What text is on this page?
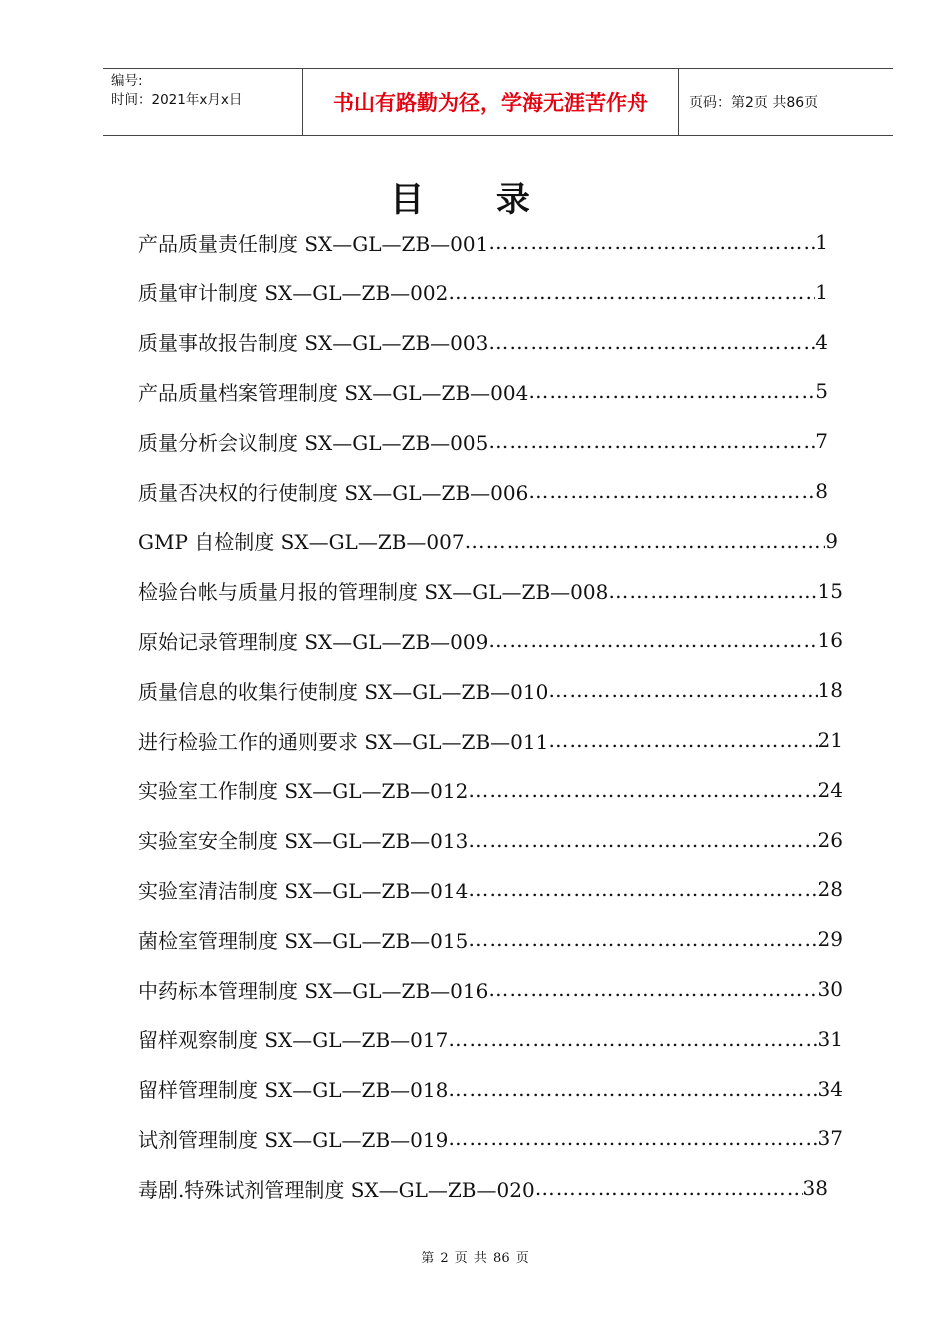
编号:
时间：2021年x月x日	书山有路勤为径，学海无涯苦作舟	页码：第2页 共86页
目 录
产品质量责任制度 SX—GL—ZB—001 …………………………………………………………………………………………………………………………………	1
质量审计制度 SX—GL—ZB—002 …………………………………………………………………………………………………………………………………	1
质量事故报告制度 SX—GL—ZB—003 …………………………………………………………………………………………………………………………………	4
产品质量档案管理制度 SX—GL—ZB—004 …………………………………………………………………………………………………………………………………	5
质量分析会议制度 SX—GL—ZB—005 …………………………………………………………………………………………………………………………………	7
质量否决权的行使制度 SX—GL—ZB—006 …………………………………………………………………………………………………………………………………	8
GMP 自检制度 SX—GL—ZB—007 …………………………………………………………………………………………………………………………………	9
检验台帐与质量月报的管理制度 SX—GL—ZB—008 …………………………………………………………………………………………………………………………………	15
原始记录管理制度 SX—GL—ZB—009 …………………………………………………………………………………………………………………………………	16
质量信息的收集行使制度 SX—GL—ZB—010 …………………………………………………………………………………………………………………………………	18
进行检验工作的通则要求 SX—GL—ZB—011 …………………………………………………………………………………………………………………………………	21
实验室工作制度 SX—GL—ZB—012 …………………………………………………………………………………………………………………………………	24
实验室安全制度 SX—GL—ZB—013 …………………………………………………………………………………………………………………………………	26
实验室清洁制度 SX—GL—ZB—014 …………………………………………………………………………………………………………………………………	28
菌检室管理制度 SX—GL—ZB—015 …………………………………………………………………………………………………………………………………	29
中药标本管理制度 SX—GL—ZB—016 …………………………………………………………………………………………………………………………………	30
留样观察制度 SX—GL—ZB—017 …………………………………………………………………………………………………………………………………	31
留样管理制度 SX—GL—ZB—018 …………………………………………………………………………………………………………………………………	34
试剂管理制度 SX—GL—ZB—019 …………………………………………………………………………………………………………………………………	37
毒剧.特殊试剂管理制度 SX—GL—ZB—020 …………………………………………………………………………………………………………………………………	38
第 2 页 共 86 页
